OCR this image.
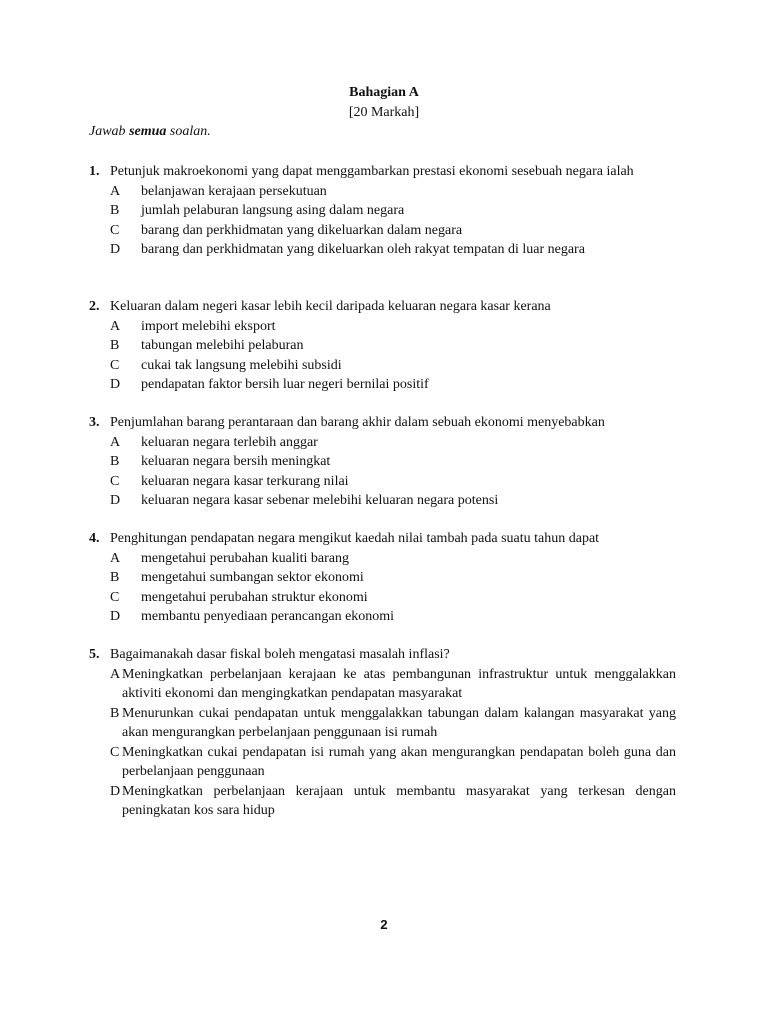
Bahagian A
[20 Markah]
Jawab semua soalan.
1. Petunjuk makroekonomi yang dapat menggambarkan prestasi ekonomi sesebuah negara ialah
A	belanjawan kerajaan persekutuan
B	jumlah pelaburan langsung asing dalam negara
C	barang dan perkhidmatan yang dikeluarkan dalam negara
D	barang dan perkhidmatan yang dikeluarkan oleh rakyat tempatan di luar negara
2. Keluaran dalam negeri kasar lebih kecil daripada keluaran negara kasar kerana
A	import melebihi eksport
B	tabungan melebihi pelaburan
C	cukai tak langsung melebihi subsidi
D	pendapatan faktor bersih luar negeri bernilai positif
3. Penjumlahan barang perantaraan dan barang akhir dalam sebuah ekonomi menyebabkan
A	keluaran negara terlebih anggar
B	keluaran negara bersih meningkat
C	keluaran negara kasar terkurang nilai
D	keluaran negara kasar sebenar melebihi keluaran negara potensi
4. Penghitungan pendapatan negara mengikut kaedah nilai tambah pada suatu tahun dapat
A	mengetahui perubahan kualiti barang
B	mengetahui sumbangan sektor ekonomi
C	mengetahui perubahan struktur ekonomi
D	membantu penyediaan perancangan ekonomi
5. Bagaimanakah dasar fiskal boleh mengatasi masalah inflasi?
A Meningkatkan perbelanjaan kerajaan ke atas pembangunan infrastruktur untuk menggalakkan aktiviti ekonomi dan mengingkatkan pendapatan masyarakat
B Menurunkan cukai pendapatan untuk menggalakkan tabungan dalam kalangan masyarakat yang akan mengurangkan perbelanjaan penggunaan isi rumah
C Meningkatkan cukai pendapatan isi rumah yang akan mengurangkan pendapatan boleh guna dan perbelanjaan penggunaan
D Meningkatkan perbelanjaan kerajaan untuk membantu masyarakat yang terkesan dengan peningkatan kos sara hidup
2
